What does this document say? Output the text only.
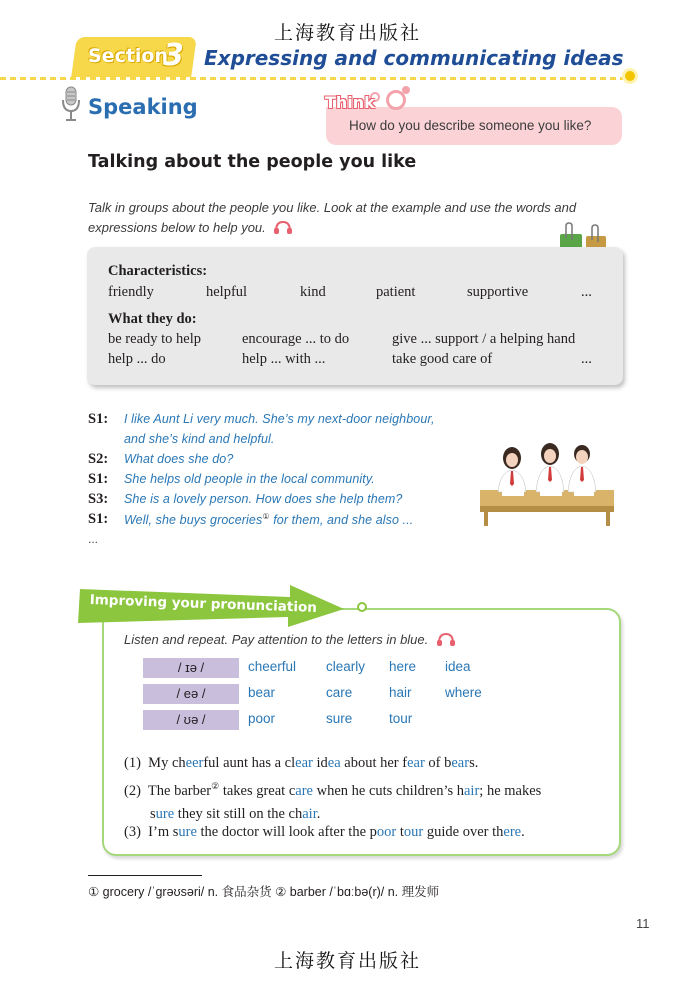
上海教育出版社
Section
3 Expressing and communicating ideas
Speaking	Think
How do you describe someone you like?
Talking about the people you like
Talk in groups about the people you like. Look at the example and use the words and
expressions below to help you.
Characteristics:
friendly	helpful	kind	patient	supportive	...
What they do:
be ready to help	encourage ... to do	give ... support / a helping hand
help ... do	help ... with ...	take good care of	...
S1: I like Aunt Li very much. She’s my next-door neighbour,
and she’s kind and helpful.
S2: What does she do?
S1: She helps old people in the local community.
S3: She is a lovely person. How does she help them?
S1: Well, she buys groceries① for them, and she also ...
...
Improving your pronunciation
Listen and repeat. Pay attention to the letters in blue.
/ ɪə /	cheerful clearly here idea
/ eə /	bear	care	hair where
/ ʊə /	poor	sure	tour
(1)  My cheerful aunt has a clear idea about her fear of bears.
(2)  The barber② takes great care when he cuts children’s hair; he makes
sure they sit still on the chair.
(3)  I’m sure the doctor will look after the poor tour guide over there.
① grocery /ˈɡrəʊsəri/ n. 食品杂货 ② barber /ˈbɑːbə(r)/ n. 理发师
11
上海教育出版社
